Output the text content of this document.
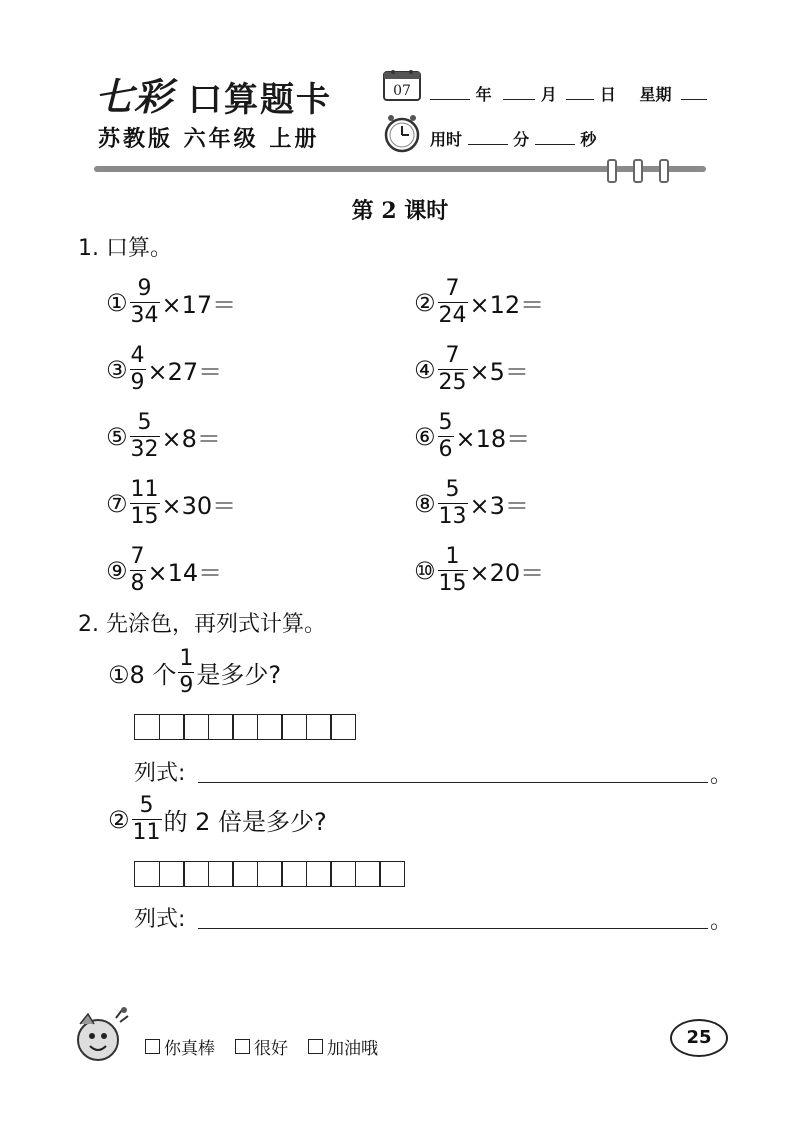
七彩 口算题卡
苏教版 六年级 上册
07	年	月	日 星期
用时	分	秒
第 2 课时
1. 口算。
① $\frac{9}{34} \times 17=$	② $\frac{7}{24} \times 12=$
③ $\frac{4}{9} \times 27=$	④ $\frac{7}{25} \times 5=$
⑤ $\frac{5}{32} \times 8=$	⑥ $\frac{5}{6} \times 18=$
⑦ $\frac{11}{15} \times 30=$	⑧ $\frac{5}{13} \times 3=$
⑨ $\frac{7}{8} \times 14=$	⑩ $\frac{1}{15} \times 20=$
2. 先涂色，再列式计算。
①8 个 $\frac{1}{9}$ 是多少?
列式:	。
② $\frac{5}{11}$ 的 2 倍是多少?
列式:	。
你真棒 很好 加油哦
25
